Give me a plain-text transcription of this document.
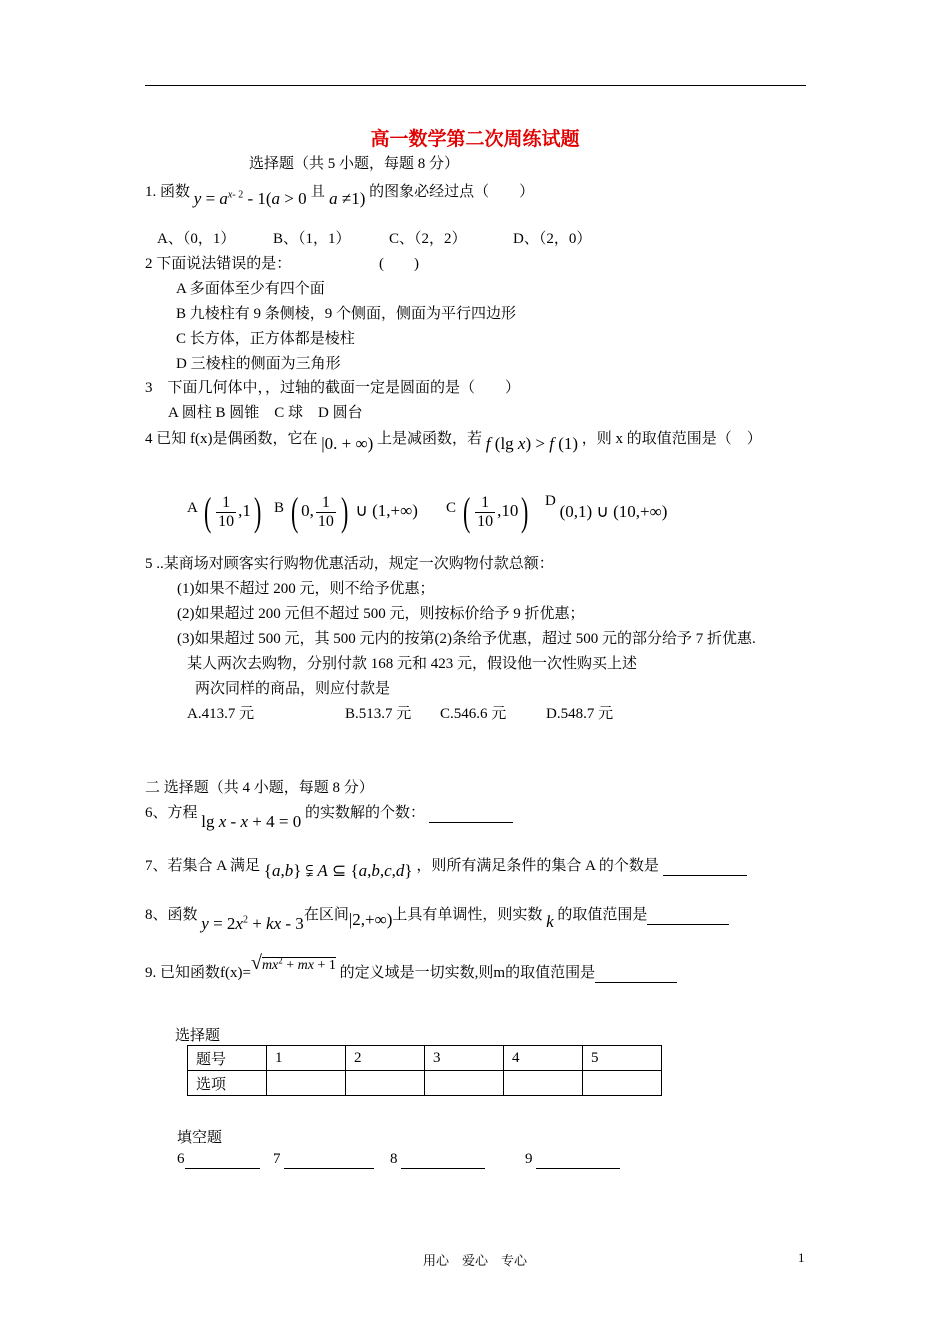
高一数学第二次周练试题
选择题（共 5 小题，每题 8 分）
1. 函数 $y = a^{x- 2} - 1(a > 0$ $^且$ a ≠1) 的图象必经过点（　　）
A、（0，1）	B、（1，1）	C、（2，2）	D、（2，0）
2 下面说法错误的是：	(　　)
A 多面体至少有四个面
B 九棱柱有 9 条侧棱，9 个侧面，侧面为平行四边形
C 长方体，正方体都是棱柱
D 三棱柱的侧面为三角形
3　下面几何体中，，过轴的截面一定是圆面的是（　　）
A 圆柱 B 圆锥　C 球　D 圆台
4 已知 f(x)是偶函数，它在 |0. + ∞) 上是减函数，若 f (lg x) > f (1) ，则 x 的取值范围是（　）
A ( $\frac{1}{10} ,1$) B ( 0, $\frac{1}{10}$ ) ∪ (1,+∞) C ( $\frac{1}{10} ,10$) D (0,1) ∪ (10,+∞)
5 ..某商场对顾客实行购物优惠活动，规定一次购物付款总额：
(1)如果不超过 200 元，则不给予优惠；
(2)如果超过 200 元但不超过 500 元，则按标价给予 9 折优惠；
(3)如果超过 500 元，其 500 元内的按第(2)条给予优惠，超过 500 元的部分给予 7 折优惠.
某人两次去购物，分别付款 168 元和 423 元，假设他一次性购买上述
两次同样的商品，则应付款是
A.413.7 元	B.513.7 元 C.546.6 元	D.548.7 元
二 选择题（共 4 小题，每题 8 分）
6、方程 lg x - x + 4 = 0 的实数解的个数：
7、若集合 A 满足 {a,b} ⫋ A ⊆ {a,b,c,d} ，则所有满足条件的集合 A 的个数是
8、函数 $y = 2x^2$ + kx - 3在区间|2,+∞)上具有单调性，则实数 k 的取值范围是
9. 已知函数$f(x)=√mx^2$ + mx + 1 的定义域是一切实数,则m的取值范围是
选择题
题号	1	2	3	4	5
选项					
填空题
6	7	8	9
用心　爱心　专心	1
